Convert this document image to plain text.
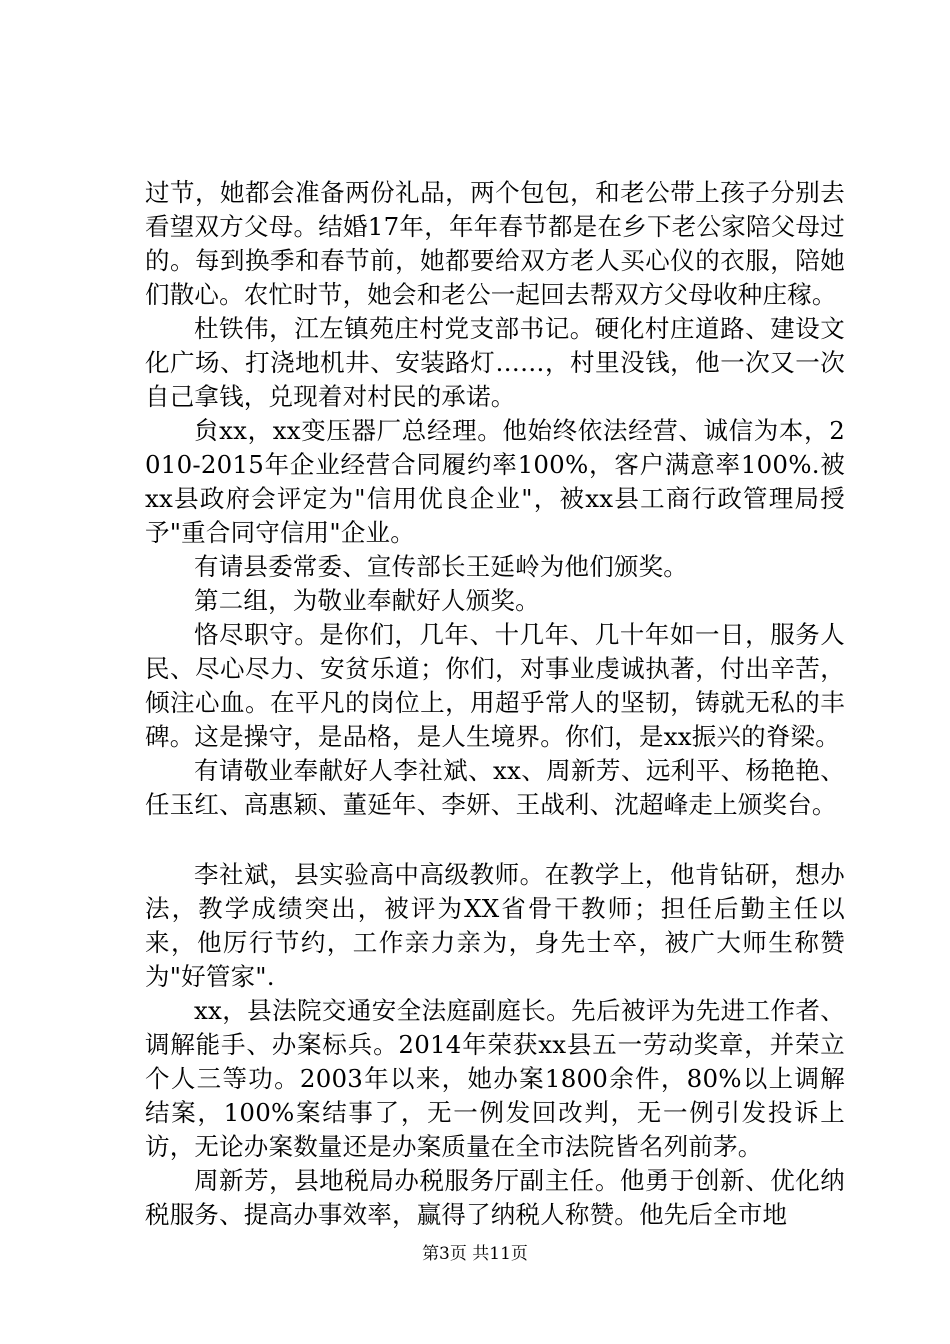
过节，她都会准备两份礼品，两个包包，和老公带上孩子分别去看望双方父母。结婚17年，年年春节都是在乡下老公家陪父母过的。每到换季和春节前，她都要给双方老人买心仪的衣服，陪她们散心。农忙时节，她会和老公一起回去帮双方父母收种庄稼。

杜铁伟，江左镇苑庄村党支部书记。硬化村庄道路、建设文化广场、打浇地机井、安装路灯……，村里没钱，他一次又一次自己拿钱，兑现着对村民的承诺。

贠xx，xx变压器厂总经理。他始终依法经营、诚信为本，2010-2015年企业经营合同履约率100%，客户满意率100%.被xx县政府会评定为"信用优良企业"，被xx县工商行政管理局授予"重合同守信用"企业。

有请县委常委、宣传部长王延岭为他们颁奖。

第二组，为敬业奉献好人颁奖。

恪尽职守。是你们，几年、十几年、几十年如一日，服务人民、尽心尽力、安贫乐道；你们，对事业虔诚执著，付出辛苦，倾注心血。在平凡的岗位上，用超乎常人的坚韧，铸就无私的丰碑。这是操守，是品格，是人生境界。你们，是xx振兴的脊梁。

有请敬业奉献好人李社斌、xx、周新芳、远利平、杨艳艳、任玉红、高惠颖、董延年、李妍、王战利、沈超峰走上颁奖台。

李社斌，县实验高中高级教师。在教学上，他肯钻研，想办法，教学成绩突出，被评为XX省骨干教师；担任后勤主任以来，他厉行节约，工作亲力亲为，身先士卒，被广大师生称赞为"好管家".

xx，县法院交通安全法庭副庭长。先后被评为先进工作者、调解能手、办案标兵。2014年荣获xx县五一劳动奖章，并荣立个人三等功。2003年以来，她办案1800余件，80%以上调解结案，100%案结事了，无一例发回改判，无一例引发投诉上访，无论办案数量还是办案质量在全市法院皆名列前茅。

周新芳，县地税局办税服务厅副主任。他勇于创新、优化纳税服务、提高办事效率，赢得了纳税人称赞。他先后全市地

第3页 共11页
